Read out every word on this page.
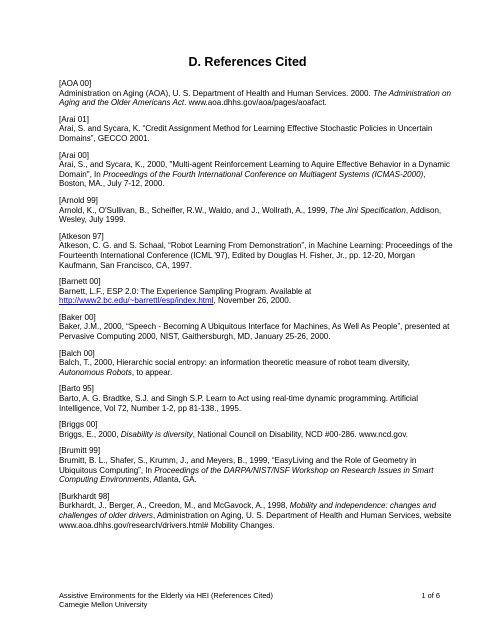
D. References Cited
[AOA 00]
Administration on Aging (AOA), U. S. Department of Health and Human Services. 2000. The Administration on Aging and the Older Americans Act. www.aoa.dhhs.gov/aoa/pages/aoafact.
[Arai 01]
Arai, S. and Sycara, K. “Credit Assignment Method for Learning Effective Stochastic Policies in Uncertain Domains”, GECCO 2001.
[Arai 00]
Arai, S., and Sycara, K., 2000, "Multi-agent Reinforcement Learning to Aquire Effective Behavior in a Dynamic Domain", In Proceedings of the Fourth International Conference on Multiagent Systems (ICMAS-2000), Boston, MA., July 7-12, 2000.
[Arnold 99]
Arnold, K., O'Sullivan, B., Scheifler, R.W., Waldo, and J., Wollrath, A., 1999, The Jini Specification, Addison, Wesley, July 1999.
[Atkeson 97]
Atkeson, C. G. and S. Schaal, “Robot Learning From Demonstration”, in Machine Learning: Proceedings of the Fourteenth International Conference (ICML '97), Edited by Douglas H. Fisher, Jr., pp. 12-20, Morgan Kaufmann, San Francisco, CA, 1997.
[Barnett 00]
Barnett, L.F., ESP 2.0: The Experience Sampling Program. Available at http://www2.bc.edu/~barrettl/esp/index.html, November 26, 2000.
[Baker 00]
Baker, J.M., 2000, “Speech - Becoming A Ubiquitous Interface for Machines, As Well As People”, presented at Pervasive Computing 2000, NIST, Gaithersburgh, MD, January 25-26, 2000.
[Balch 00]
Balch, T., 2000, Hierarchic social entropy: an information theoretic measure of robot team diversity, Autonomous Robots, to appear.
[Barto 95]
Barto, A. G. Bradtke, S.J. and Singh S.P. Learn to Act using real-time dynamic programming. Artificial Intelligence, Vol 72, Number 1-2, pp 81-138., 1995.
[Briggs 00]
Briggs, E., 2000, Disability is diversity, National Council on Disability, NCD #00-286. www.ncd.gov.
[Brumitt 99]
Brumitt, B. L., Shafer, S., Krumm, J., and Meyers, B., 1999, “EasyLiving and the Role of Geometry in Ubiquitous Computing”, In Proceedings of the DARPA/NIST/NSF Workshop on Research Issues in Smart Computing Environments, Atlanta, GA.
[Burkhardt 98]
Burkhardt, J., Berger, A., Creedon, M., and McGavock, A., 1998, Mobility and independence: changes and challenges of older drivers, Administration on Aging, U. S. Department of Health and Human Services, website www.aoa.dhhs.gov/research/drivers.html# Mobility Changes.
Assistive Environments for the Elderly via HEI (References Cited)	1 of 6
Carnegie Mellon University
